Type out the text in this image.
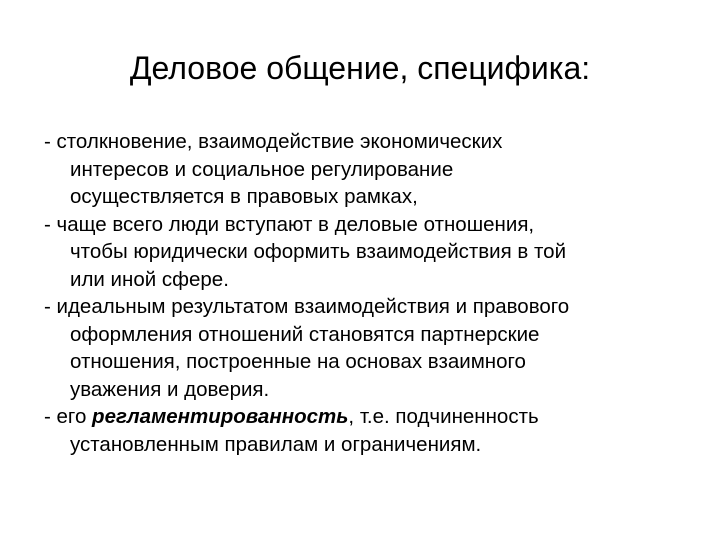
Деловое общение, специфика:
- столкновение, взаимодействие экономических
интересов и социальное регулирование
осуществляется в правовых рамках,
- чаще всего люди вступают в деловые отношения,
чтобы юридически оформить взаимодействия в той
или иной сфере.
- идеальным результатом взаимодействия и правового
оформления отношений становятся партнерские
отношения, построенные на основах взаимного
уважения и доверия.
- его регламентированность, т.е. подчиненность
установленным правилам и ограничениям.
